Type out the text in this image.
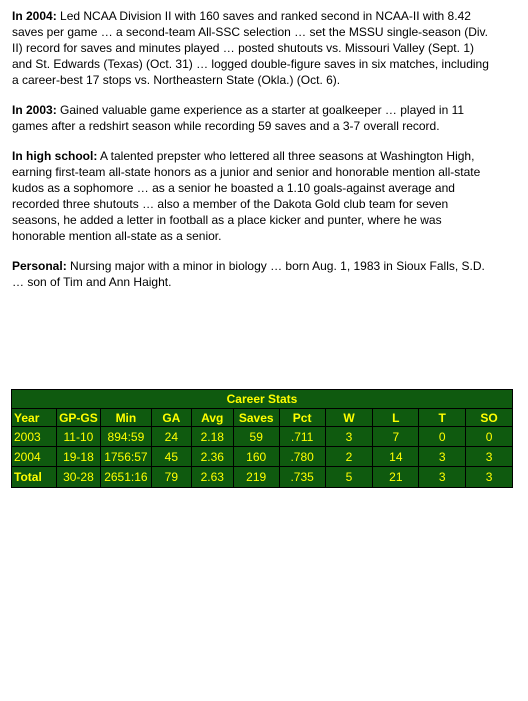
In 2004: Led NCAA Division II with 160 saves and ranked second in NCAA-II with 8.42 saves per game … a second-team All-SSC selection … set the MSSU single-season (Div. II) record for saves and minutes played … posted shutouts vs. Missouri Valley (Sept. 1) and St. Edwards (Texas) (Oct. 31) … logged double-figure saves in six matches, including a career-best 17 stops vs. Northeastern State (Okla.) (Oct. 6).

In 2003: Gained valuable game experience as a starter at goalkeeper … played in 11 games after a redshirt season while recording 59 saves and a 3-7 overall record.

In high school: A talented prepster who lettered all three seasons at Washington High, earning first-team all-state honors as a junior and senior and honorable mention all-state kudos as a sophomore … as a senior he boasted a 1.10 goals-against average and recorded three shutouts … also a member of the Dakota Gold club team for seven seasons, he added a letter in football as a place kicker and punter, where he was honorable mention all-state as a senior.

Personal: Nursing major with a minor in biology … born Aug. 1, 1983 in Sioux Falls, S.D. … son of Tim and Ann Haight.

Career Stats										
Year	GP-GS	Min	GA	Avg	Saves	Pct	W	L	T	SO
2003	11-10	894:59	24	2.18	59	.711	3	7	0	0
2004	19-18	1756:57	45	2.36	160	.780	2	14	3	3
Total	30-28	2651:16	79	2.63	219	.735	5	21	3	3
